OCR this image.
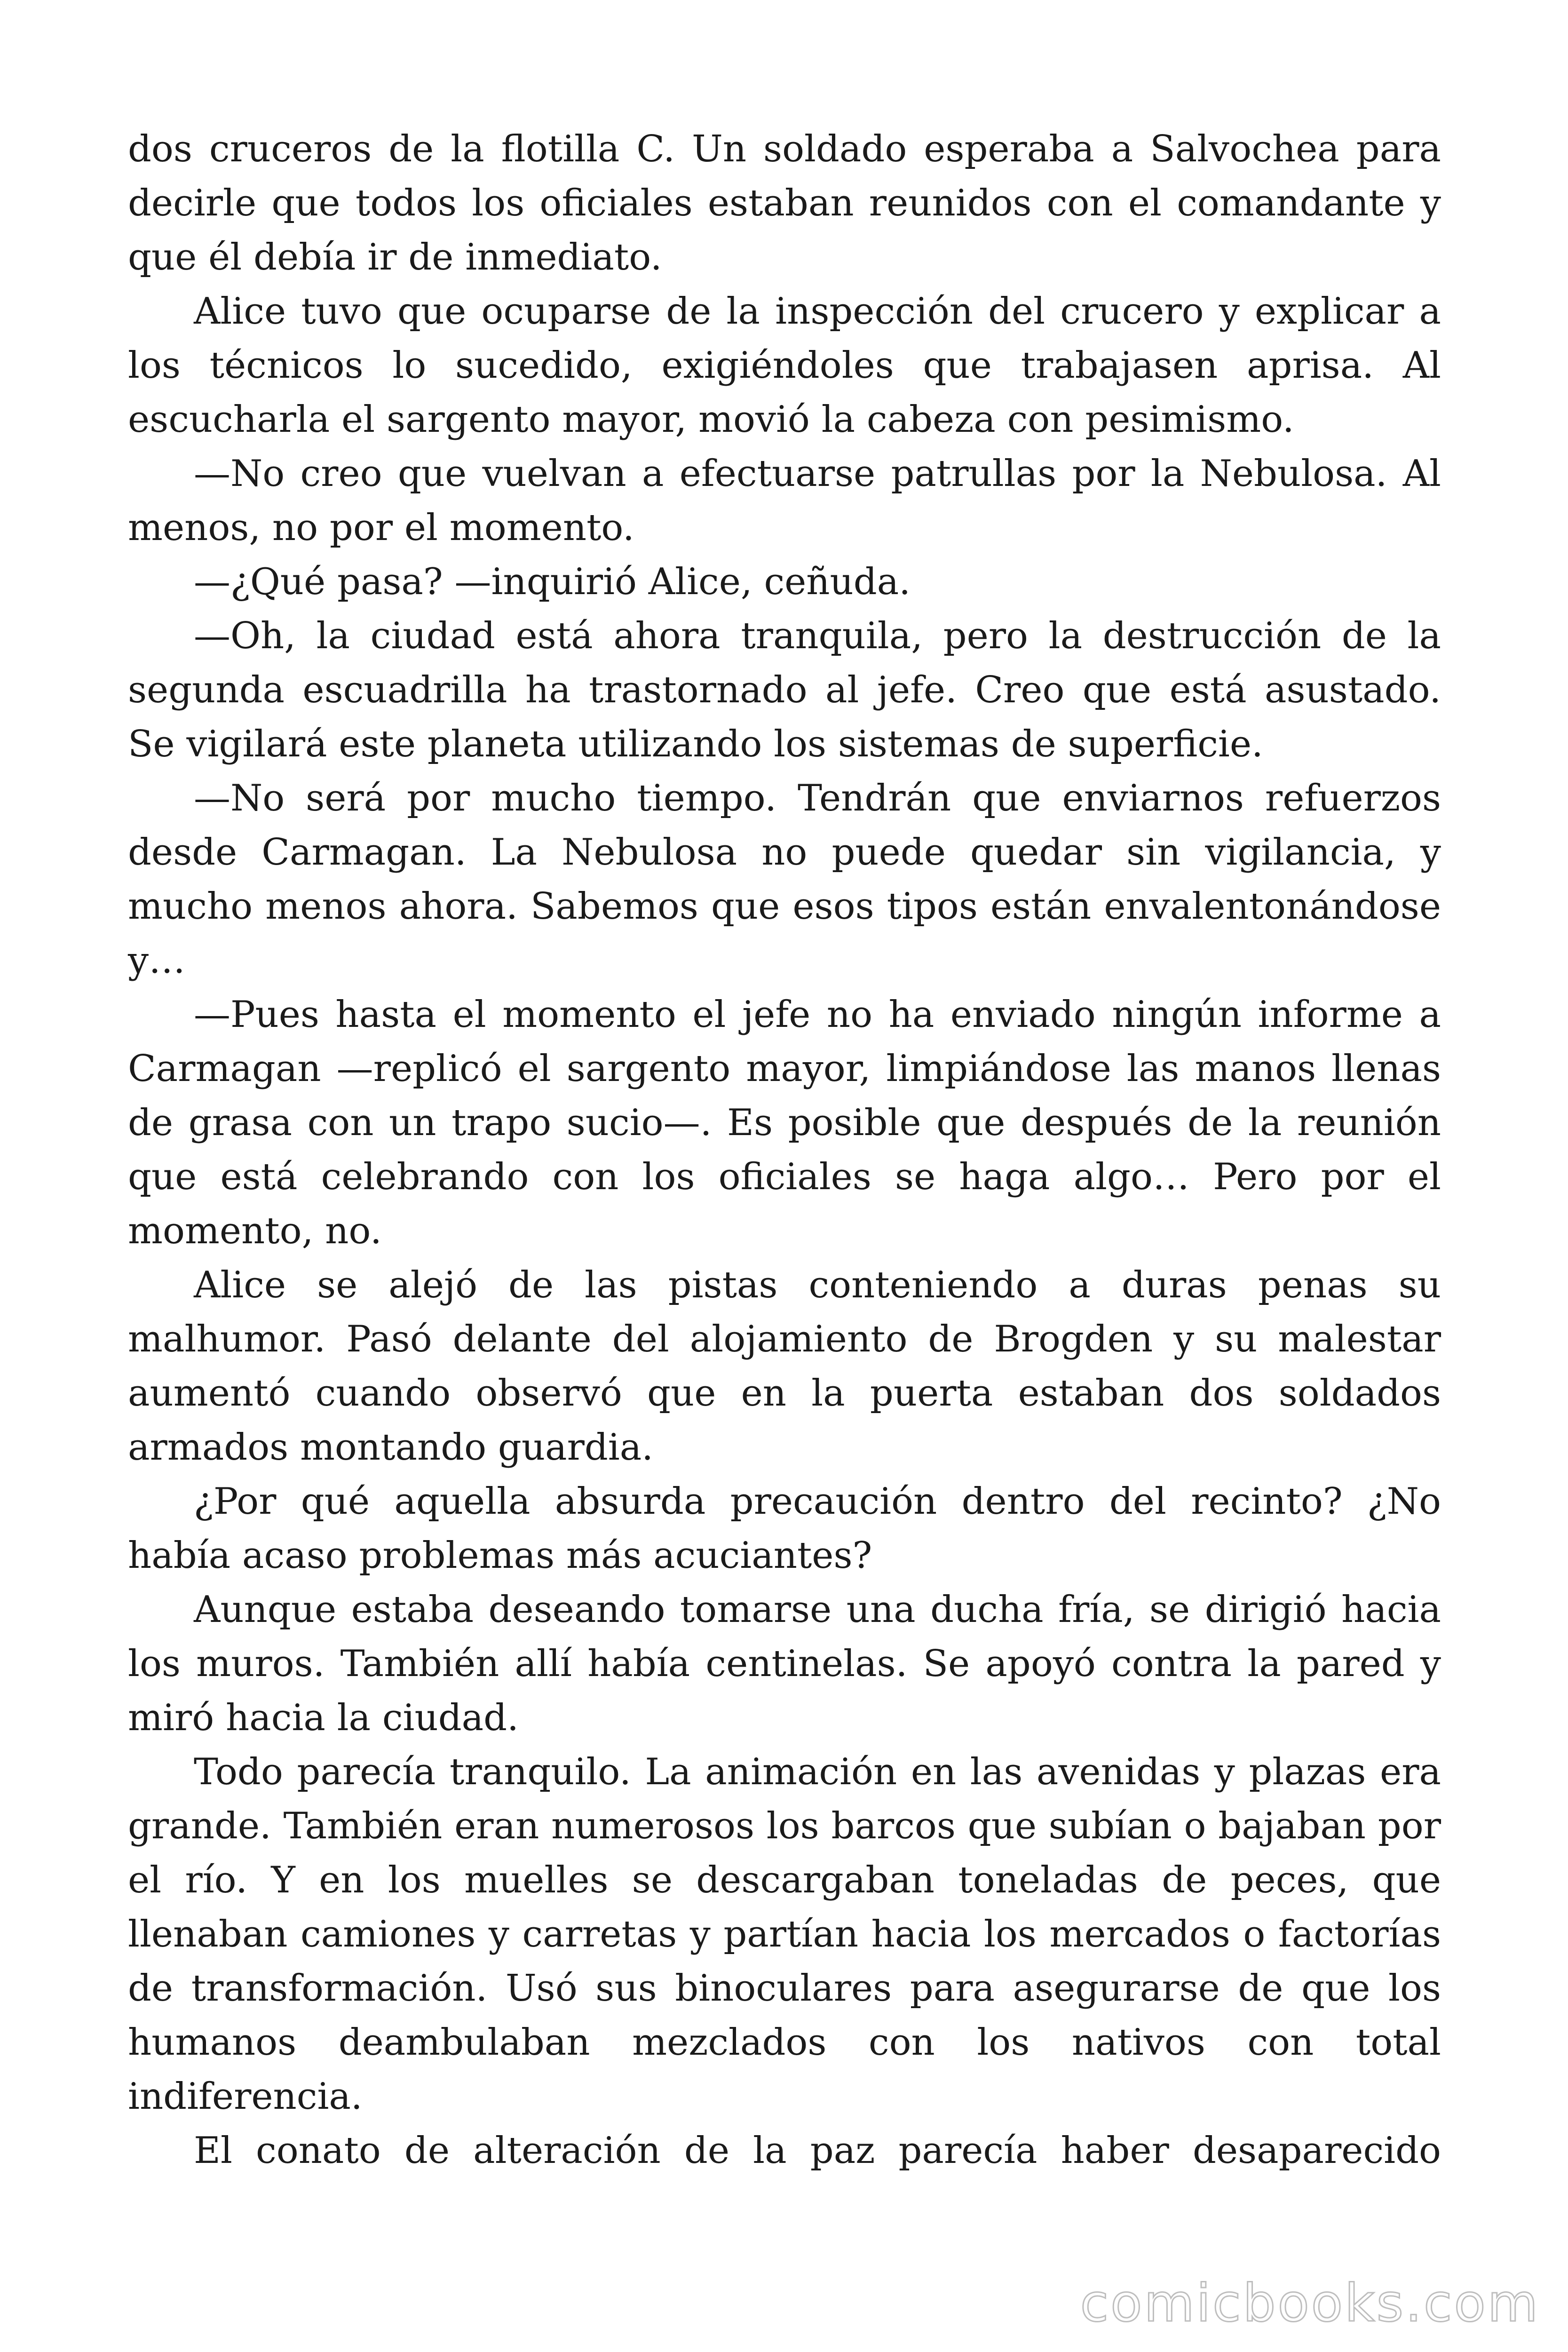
dos cruceros de la flotilla C. Un soldado esperaba a Salvochea para decirle que todos los oficiales estaban reunidos con el comandante y que él debía ir de inmediato.

Alice tuvo que ocuparse de la inspección del crucero y explicar a los técnicos lo sucedido, exigiéndoles que trabajasen aprisa. Al escucharla el sargento mayor, movió la cabeza con pesimismo.

—No creo que vuelvan a efectuarse patrullas por la Nebulosa. Al menos, no por el momento.

—¿Qué pasa? —inquirió Alice, ceñuda.

—Oh, la ciudad está ahora tranquila, pero la destrucción de la segunda escuadrilla ha trastornado al jefe. Creo que está asustado. Se vigilará este planeta utilizando los sistemas de superficie.

—No será por mucho tiempo. Tendrán que enviarnos refuerzos desde Carmagan. La Nebulosa no puede quedar sin vigilancia, y mucho menos ahora. Sabemos que esos tipos están envalentonándose y…

—Pues hasta el momento el jefe no ha enviado ningún informe a Carmagan —replicó el sargento mayor, limpiándose las manos llenas de grasa con un trapo sucio—. Es posible que después de la reunión que está celebrando con los oficiales se haga algo… Pero por el momento, no.

Alice se alejó de las pistas conteniendo a duras penas su malhumor. Pasó delante del alojamiento de Brogden y su malestar aumentó cuando observó que en la puerta estaban dos soldados armados montando guardia.

¿Por qué aquella absurda precaución dentro del recinto? ¿No había acaso problemas más acuciantes?

Aunque estaba deseando tomarse una ducha fría, se dirigió hacia los muros. También allí había centinelas. Se apoyó contra la pared y miró hacia la ciudad.

Todo parecía tranquilo. La animación en las avenidas y plazas era grande. También eran numerosos los barcos que subían o bajaban por el río. Y en los muelles se descargaban toneladas de peces, que llenaban camiones y carretas y partían hacia los mercados o factorías de transformación. Usó sus binoculares para asegurarse de que los humanos deambulaban mezclados con los nativos con total indiferencia.

El conato de alteración de la paz parecía haber desaparecido

comicbooks.com
